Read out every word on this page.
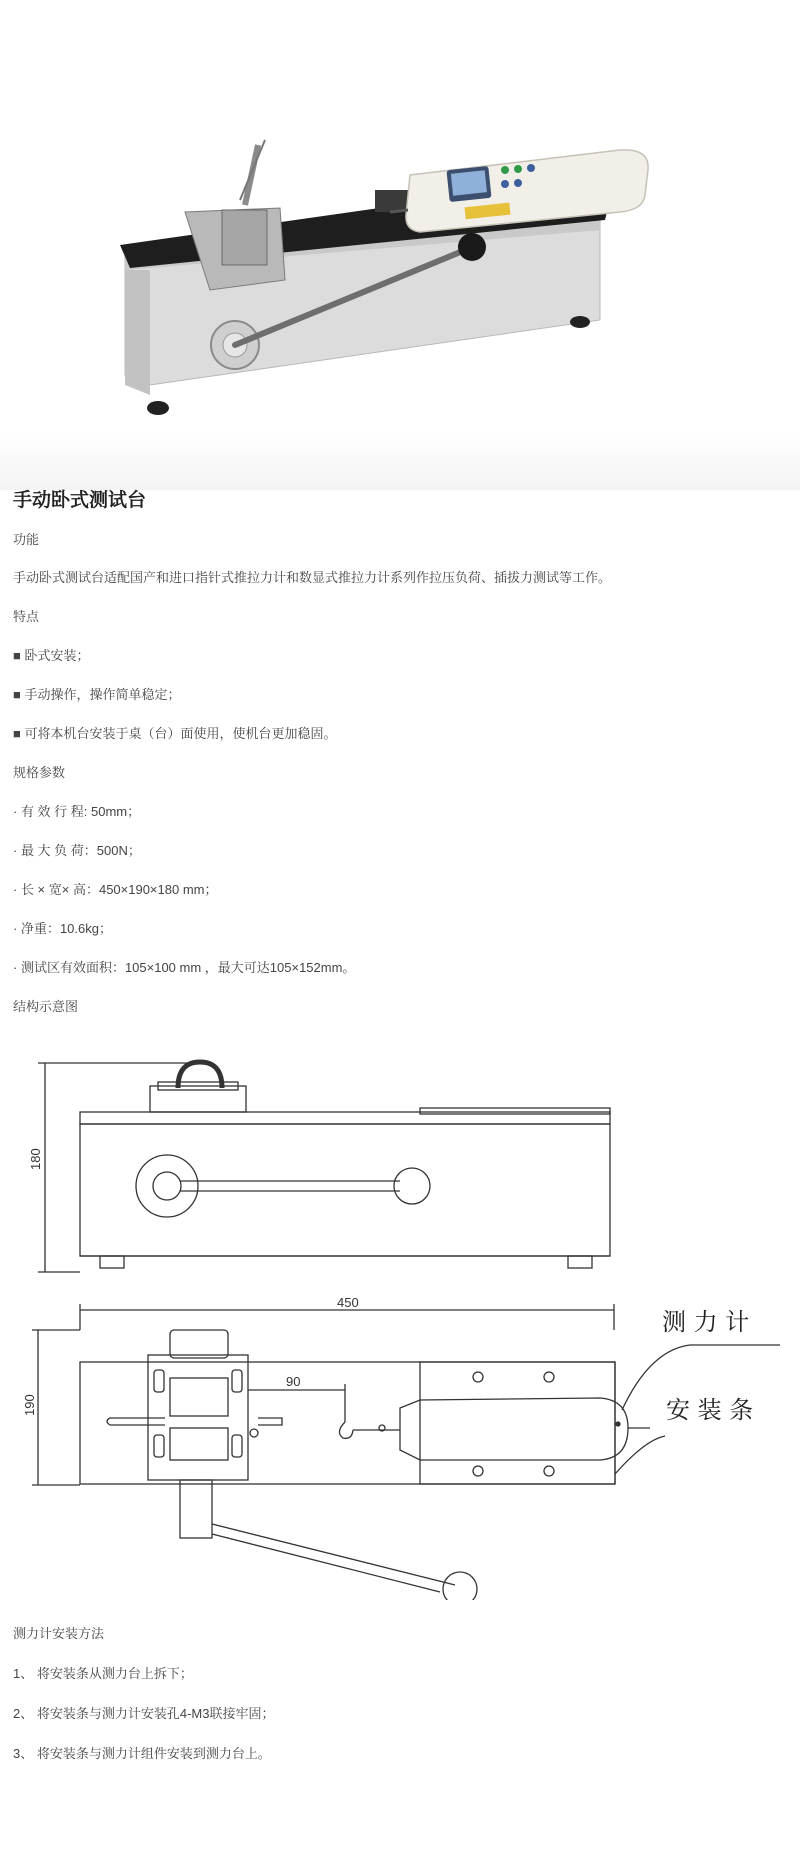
手动卧式测试台

功能

手动卧式测试台适配国产和进口指针式推拉力计和数显式推拉力计系列作拉压负荷、插拔力测试等工作。

特点

■ 卧式安装；

■ 手动操作，操作简单稳定；

■ 可将本机台安装于桌（台）面使用，使机台更加稳固。

规格参数

· 有 效 行 程: 50mm；

· 最 大 负 荷：500N；

· 长 × 宽× 高：450×190×180 mm；

· 净重：10.6kg；

· 测试区有效面积：105×100 mm ，最大可达105×152mm。

结构示意图

180
450
190
90
测 力 计
安 装 条

测力计安装方法

1、 将安装条从测力台上拆下；

2、 将安装条与测力计安装孔4-M3联接牢固；

3、 将安装条与测力计组件安装到测力台上。
